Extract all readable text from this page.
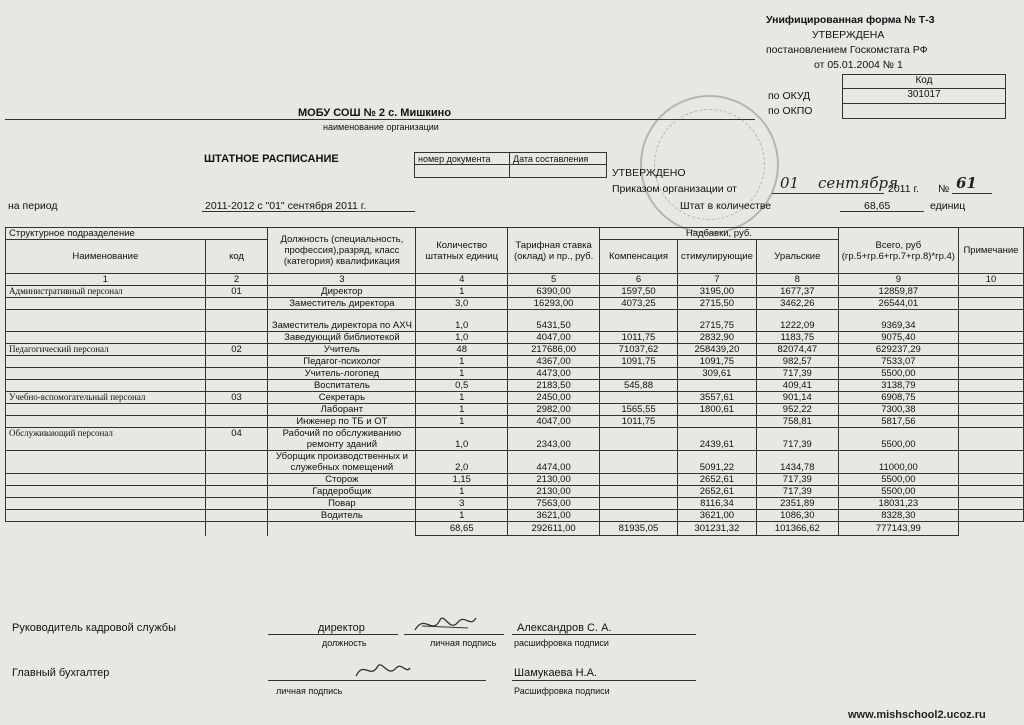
Унифицированная форма № Т-3
УТВЕРЖДЕНА
постановлением Госкомстата РФ
от 05.01.2004 № 1
Код
301017
по ОКУД
по ОКПО
МОБУ СОШ № 2 с. Мишкино
наименование организации
ШТАТНОЕ РАСПИСАНИЕ	номер документа	Дата составления

УТВЕРЖДЕНО
Приказом организации от	01 сентября
2011 г. № 61
на период	2011-2012 с "01" сентября 2011 г.	Штат в количестве	68,65	единиц
Структурное подразделение		Должность (специальность, профессия),разряд, класс (категория) квалификация	Количество штатных единиц	Тарифная ставка (оклад) и пр., руб.	Надбавки, руб.			Всего, руб (гр.5+гр.6+гр.7+гр.8)*гр.4)	Примечание
Наименование	код				Компенсация	стимулирующие	Уральские		
1	2	3	4	5	6	7	8	9	10
Административный персонал	01	Директор	1	6390,00	1597,50	3195,00	1677,37	12859,87	
		Заместитель директора	3,0	16293,00	4073,25	2715,50	3462,26	26544,01	
		Заместитель директора по АХЧ	1,0	5431,50		2715,75	1222,09	9369,34	
		Заведующий библиотекой	1,0	4047,00	1011,75	2832,90	1183,75	9075,40	
Педагогический персонал	02	Учитель	48	217686,00	71037,62	258439,20	82074,47	629237,29	
		Педагог-психолог	1	4367,00	1091,75	1091,75	982,57	7533,07	
		Учитель-логопед	1	4473,00		309,61	717,39	5500,00	
		Воспитатель	0,5	2183,50	545,88		409,41	3138,79	
Учебно-вспомогательный персонал	03	Секретарь	1	2450,00		3557,61	901,14	6908,75	
		Лаборант	1	2982,00	1565,55	1800,61	952,22	7300,38	
		Инженер по ТБ и ОТ	1	4047,00	1011,75		758,81	5817,56	
Обслуживающий персонал	04	Рабочий по обслуживанию ремонту зданий	1,0	2343,00		2439,61	717,39	5500,00	
		Уборщик производственных и служебных помещений	2,0	4474,00		5091,22	1434,78	11000,00	
		Сторож	1,15	2130,00		2652,61	717,39	5500,00	
		Гардеробщик	1	2130,00		2652,61	717,39	5500,00	
		Повар	3	7563,00		8116,34	2351,89	18031,23	
		Водитель	1	3621,00		3621,00	1086,30	8328,30	
			68,65	292611,00	81935,05	301231,32	101366,62	777143,99	
Руководитель кадровой службы	директор	Александров С. А.
должность	личная подпись расшифровка подписи
Главный бухгалтер	Шамукаева Н.А.
личная подпись	Расшифровка подписи
www.mishschool2.ucoz.ru
